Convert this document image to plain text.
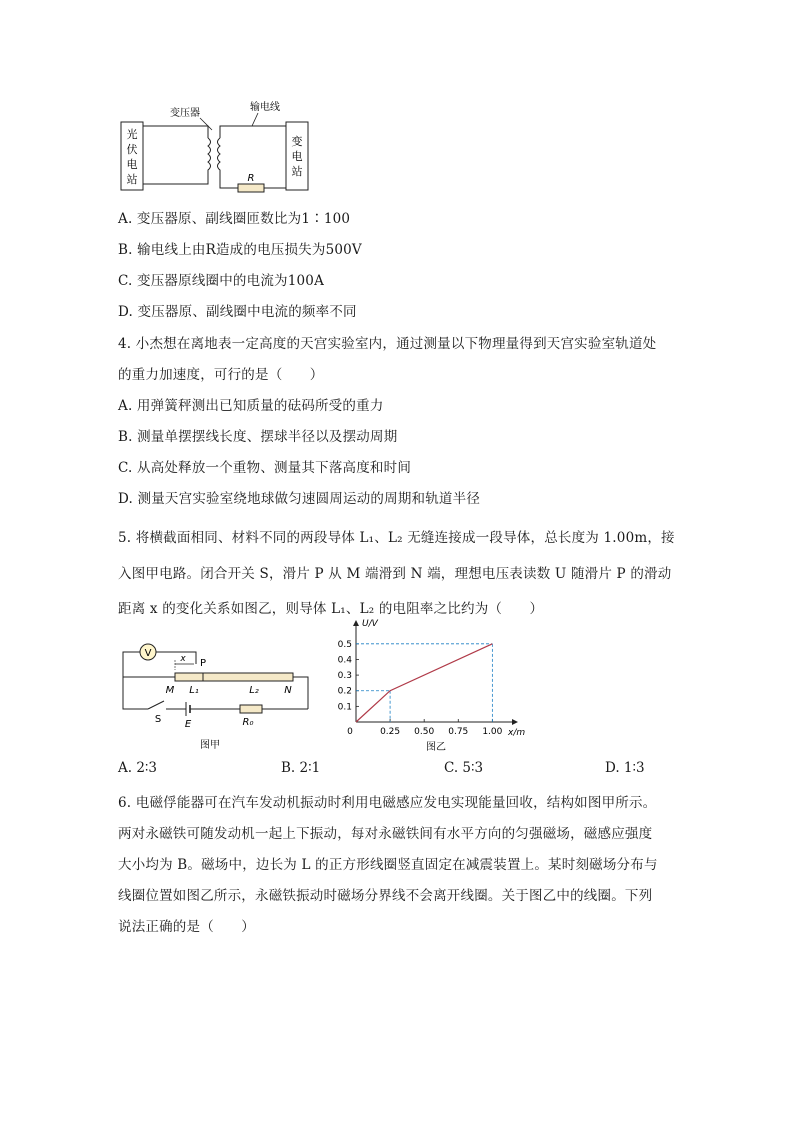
光
伏
电
站
变
电
站
R
变压器
输电线
A. 变压器原、副线圈匝数比为1∶100
B. 输电线上由R造成的电压损失为500V
C. 变压器原线圈中的电流为100A
D. 变压器原、副线圈中电流的频率不同
4. 小杰想在离地表一定高度的天宫实验室内，通过测量以下物理量得到天宫实验室轨道处
的重力加速度，可行的是（　　）
A. 用弹簧秤测出已知质量的砝码所受的重力
B. 测量单摆摆线长度、摆球半径以及摆动周期
C. 从高处释放一个重物、测量其下落高度和时间
D. 测量天宫实验室绕地球做匀速圆周运动的周期和轨道半径
5. 将横截面相同、材料不同的两段导体 L₁、L₂ 无缝连接成一段导体，总长度为 1.00m，接
入图甲电路。闭合开关 S，滑片 P 从 M 端滑到 N 端，理想电压表读数 U 随滑片 P 的滑动
距离 x 的变化关系如图乙，则导体 L₁、L₂ 的电阻率之比约为（　　）
V	x P
M L₁	L₂	N
S E	R₀
图甲
U/V
x/m
0	0.25 0.50 0.75 1.00
0.1
0.2
0.3
0.4
0.5
图乙
A. 2∶3	B. 2∶1	C. 5∶3	D. 1∶3
6. 电磁俘能器可在汽车发动机振动时利用电磁感应发电实现能量回收，结构如图甲所示。
两对永磁铁可随发动机一起上下振动，每对永磁铁间有水平方向的匀强磁场，磁感应强度
大小均为 B。磁场中，边长为 L 的正方形线圈竖直固定在减震装置上。某时刻磁场分布与
线圈位置如图乙所示，永磁铁振动时磁场分界线不会离开线圈。关于图乙中的线圈。下列
说法正确的是（　　）
